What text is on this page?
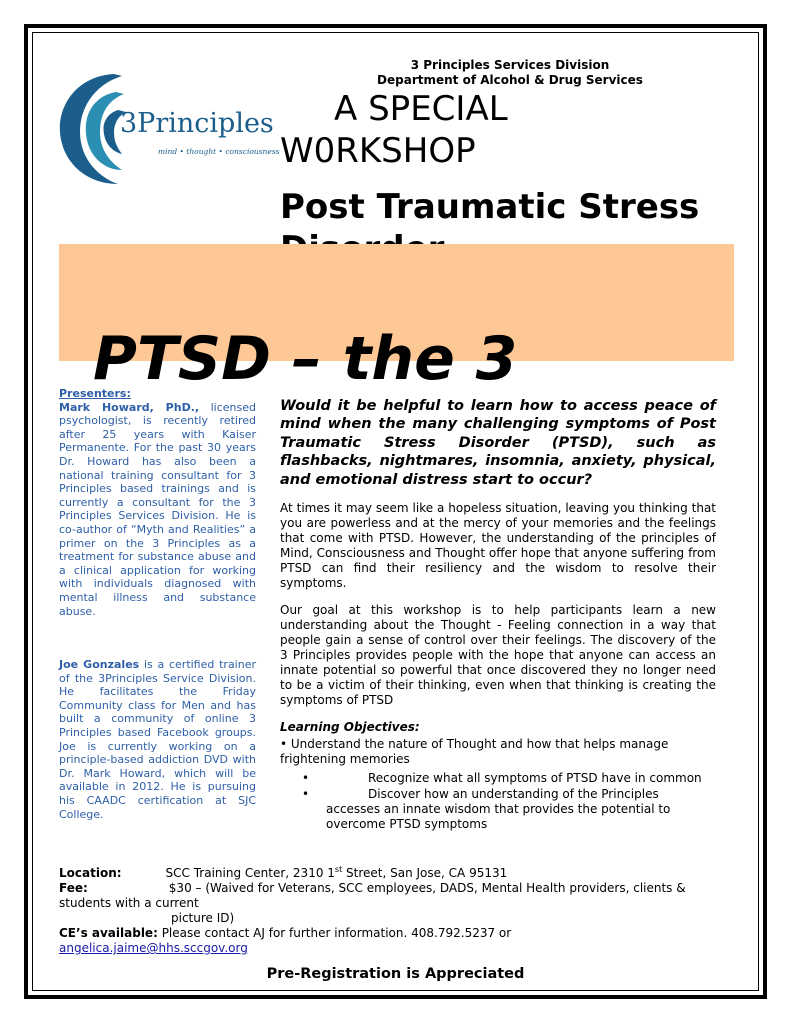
3Principles
mind • thought • consciousness
3 Principles Services Division
Department of Alcohol & Drug Services
A SPECIAL
W0RKSHOP
Post Traumatic Stress
PTSD – the 3
Presenters:

Mark Howard, PhD., licensed psychologist, is recently retired after 25 years with Kaiser Permanente. For the past 30 years Dr. Howard has also been a national training consultant for 3 Principles based trainings and is currently a consultant for the 3 Principles Services Division. He is co-author of “Myth and Realities” a primer on the 3 Principles as a treatment for substance abuse and a clinical application for working with individuals diagnosed with mental illness and substance abuse.

Joe Gonzales is a certified trainer of the 3Principles Service Division. He facilitates the Friday Community class for Men and has built a community of online 3 Principles based Facebook groups. Joe is currently working on a principle-based addiction DVD with Dr. Mark Howard, which will be available in 2012. He is pursuing his CAADC certification at SJC College.

Would it be helpful to learn how to access peace of mind when the many challenging symptoms of Post Traumatic Stress Disorder (PTSD), such as flashbacks, nightmares, insomnia, anxiety, physical, and emotional distress start to occur?

At times it may seem like a hopeless situation, leaving you thinking that you are powerless and at the mercy of your memories and the feelings that come with PTSD. However, the understanding of the principles of Mind, Consciousness and Thought offer hope that anyone suffering from PTSD can find their resiliency and the wisdom to resolve their symptoms.

Our goal at this workshop is to help participants learn a new understanding about the Thought - Feeling connection in a way that people gain a sense of control over their feelings. The discovery of the 3 Principles provides people with the hope that anyone can access an innate potential so powerful that once discovered they no longer need to be a victim of their thinking, even when that thinking is creating the symptoms of PTSD

Learning Objectives:

• Understand the nature of Thought and how that helps manage frightening memories

•	Recognize what all symptoms of PTSD have in common
•	Discover how an understanding of the Principles accesses an innate wisdom that provides the potential to overcome PTSD symptoms
Location:	SCC Training Center, 2310 1st Street, San Jose, CA 95131
Fee:	$30 – (Waived for Veterans, SCC employees, DADS, Mental Health providers, clients & students with a current
picture ID)
CE’s available: Please contact AJ for further information. 408.792.5237 or
angelica.jaime@hhs.sccgov.org
Pre-Registration is Appreciated
